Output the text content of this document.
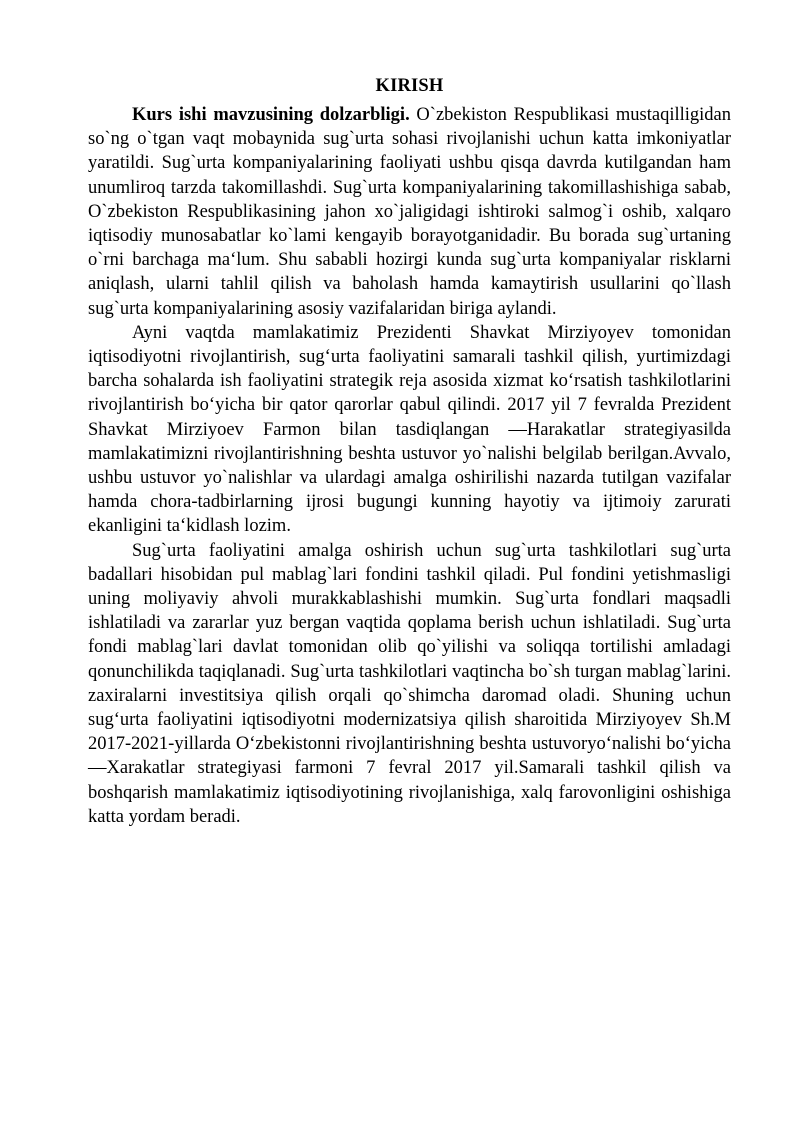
KIRISH

Kurs ishi mavzusining dolzarbligi. O`zbekiston Respublikasi mustaqilligidan so`ng o`tgan vaqt mobaynida sug`urta sohasi rivojlanishi uchun katta imkoniyatlar yaratildi. Sug`urta kompaniyalarining faoliyati ushbu qisqa davrda kutilgandan ham unumliroq tarzda takomillashdi. Sug`urta kompaniyalarining takomillashishiga sabab, O`zbekiston Respublikasining jahon xo`jaligidagi ishtiroki salmog`i oshib, xalqaro iqtisodiy munosabatlar ko`lami kengayib borayotganidadir. Bu borada sug`urtaning o`rni barchaga ma‘lum. Shu sababli hozirgi kunda sug`urta kompaniyalar risklarni aniqlash, ularni tahlil qilish va baholash hamda kamaytirish usullarini qo`llash sug`urta kompaniyalarining asosiy vazifalaridan biriga aylandi.

Ayni vaqtda mamlakatimiz Prezidenti Shavkat Mirziyoyev tomonidan iqtisodiyotni rivojlantirish, sug‘urta faoliyatini samarali tashkil qilish, yurtimizdagi barcha sohalarda ish faoliyatini strategik reja asosida xizmat ko‘rsatish tashkilotlarini rivojlantirish bo‘yicha bir qator qarorlar qabul qilindi. 2017 yil 7 fevralda Prezident Shavkat Mirziyoev Farmon bilan tasdiqlangan ―Harakatlar strategiyasi‖da mamlakatimizni rivojlantirishning beshta ustuvor yo`nalishi belgilab berilgan.Avvalo, ushbu ustuvor yo`nalishlar va ulardagi amalga oshirilishi nazarda tutilgan vazifalar hamda chora-tadbirlarning ijrosi bugungi kunning hayotiy va ijtimoiy zarurati ekanligini ta‘kidlash lozim.

Sug`urta faoliyatini amalga oshirish uchun sug`urta tashkilotlari sug`urta badallari hisobidan pul mablag`lari fondini tashkil qiladi. Pul fondini yetishmasligi uning moliyaviy ahvoli murakkablashishi mumkin. Sug`urta fondlari maqsadli ishlatiladi va zararlar yuz bergan vaqtida qoplama berish uchun ishlatiladi. Sug`urta fondi mablag`lari davlat tomonidan olib qo`yilishi va soliqqa tortilishi amladagi qonunchilikda taqiqlanadi. Sug`urta tashkilotlari vaqtincha bo`sh turgan mablag`larini. zaxiralarni investitsiya qilish orqali qo`shimcha daromad oladi. Shuning uchun sug‘urta faoliyatini iqtisodiyotni modernizatsiya qilish sharoitida Mirziyoyev Sh.M 2017-2021-yillarda O‘zbekistonni rivojlantirishning beshta ustuvoryo‘nalishi bo‘yicha ―Xarakatlar strategiyasi farmoni 7 fevral 2017 yil.Samarali tashkil qilish va boshqarish mamlakatimiz iqtisodiyotining rivojlanishiga, xalq farovonligini oshishiga katta yordam beradi.
